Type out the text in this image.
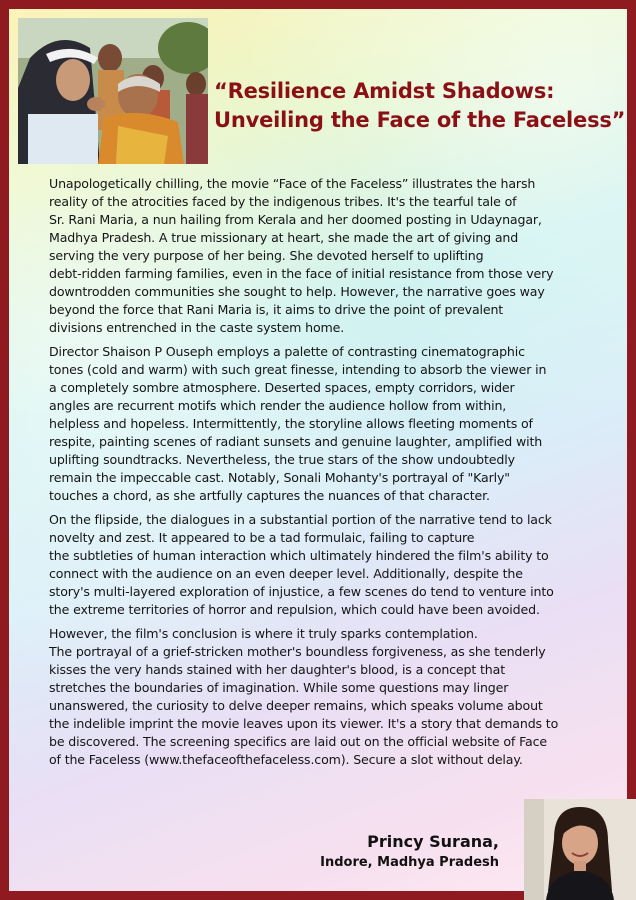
“Resilience Amidst Shadows:
Unveiling the Face of the Faceless”

Unapologetically chilling, the movie “Face of the Faceless” illustrates the harsh
reality of the atrocities faced by the indigenous tribes. It's the tearful tale of
Sr. Rani Maria, a nun hailing from Kerala and her doomed posting in Udaynagar,
Madhya Pradesh. A true missionary at heart, she made the art of giving and
serving the very purpose of her being. She devoted herself to uplifting
debt-ridden farming families, even in the face of initial resistance from those very
downtrodden communities she sought to help. However, the narrative goes way
beyond the force that Rani Maria is, it aims to drive the point of prevalent
divisions entrenched in the caste system home.

Director Shaison P Ouseph employs a palette of contrasting cinematographic
tones (cold and warm) with such great finesse, intending to absorb the viewer in
a completely sombre atmosphere. Deserted spaces, empty corridors, wider
angles are recurrent motifs which render the audience hollow from within,
helpless and hopeless. Intermittently, the storyline allows fleeting moments of
respite, painting scenes of radiant sunsets and genuine laughter, amplified with
uplifting soundtracks. Nevertheless, the true stars of the show undoubtedly
remain the impeccable cast. Notably, Sonali Mohanty's portrayal of "Karly"
touches a chord, as she artfully captures the nuances of that character.

On the flipside, the dialogues in a substantial portion of the narrative tend to lack
novelty and zest. It appeared to be a tad formulaic, failing to capture
the subtleties of human interaction which ultimately hindered the film's ability to
connect with the audience on an even deeper level. Additionally, despite the
story's multi-layered exploration of injustice, a few scenes do tend to venture into
the extreme territories of horror and repulsion, which could have been avoided.

However, the film's conclusion is where it truly sparks contemplation.
The portrayal of a grief-stricken mother's boundless forgiveness, as she tenderly
kisses the very hands stained with her daughter's blood, is a concept that
stretches the boundaries of imagination. While some questions may linger
unanswered, the curiosity to delve deeper remains, which speaks volume about
the indelible imprint the movie leaves upon its viewer. It's a story that demands to
be discovered. The screening specifics are laid out on the official website of Face
of the Faceless (www.thefaceofthefaceless.com). Secure a slot without delay.

Princy Surana,
Indore, Madhya Pradesh
